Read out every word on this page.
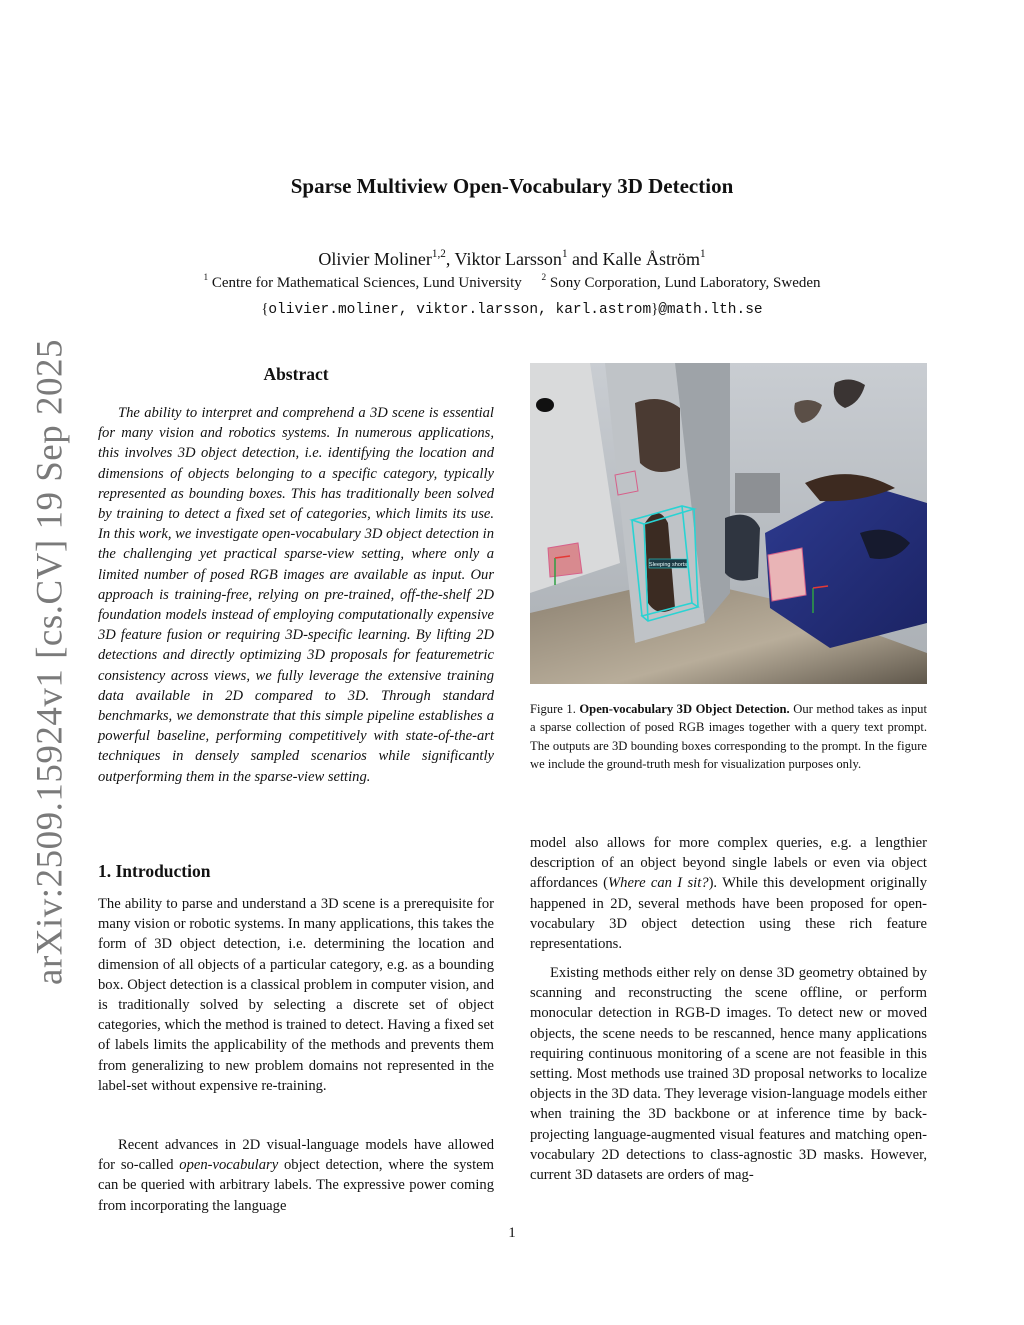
arXiv:2509.15924v1 [cs.CV] 19 Sep 2025
Sparse Multiview Open-Vocabulary 3D Detection
Olivier Moliner$^{1,2}$, Viktor Larsson$^1$ and Kalle Åström$^1$
$^1$ Centre for Mathematical Sciences, Lund University $^2$ Sony Corporation, Lund Laboratory, Sweden
{olivier.moliner, viktor.larsson, karl.astrom}@math.lth.se
Abstract

The ability to interpret and comprehend a 3D scene is essential for many vision and robotics systems. In numerous applications, this involves 3D object detection, i.e. identifying the location and dimensions of objects belonging to a specific category, typically represented as bounding boxes. This has traditionally been solved by training to detect a fixed set of categories, which limits its use. In this work, we investigate open-vocabulary 3D object detection in the challenging yet practical sparse-view setting, where only a limited number of posed RGB images are available as input. Our approach is training-free, relying on pre-trained, off-the-shelf 2D foundation models instead of employing computationally expensive 3D feature fusion or requiring 3D-specific learning. By lifting 2D detections and directly optimizing 3D proposals for featuremetric consistency across views, we fully leverage the extensive training data available in 2D compared to 3D. Through standard benchmarks, we demonstrate that this simple pipeline establishes a powerful baseline, performing competitively with state-of-the-art techniques in densely sampled scenarios while significantly outperforming them in the sparse-view setting.

1. Introduction

The ability to parse and understand a 3D scene is a prerequisite for many vision or robotic systems. In many applications, this takes the form of 3D object detection, i.e. determining the location and dimension of all objects of a particular category, e.g. as a bounding box. Object detection is a classical problem in computer vision, and is traditionally solved by selecting a discrete set of object categories, which the method is trained to detect. Having a fixed set of labels limits the applicability of the methods and prevents them from generalizing to new problem domains not represented in the label-set without expensive re-training.

Recent advances in 2D visual-language models have allowed for so-called open-vocabulary object detection, where the system can be queried with arbitrary labels. The expressive power coming from incorporating the language

Sleeping shorts

Figure 1. Open-vocabulary 3D Object Detection. Our method takes as input a sparse collection of posed RGB images together with a query text prompt. The outputs are 3D bounding boxes corresponding to the prompt. In the figure we include the ground-truth mesh for visualization purposes only.

model also allows for more complex queries, e.g. a lengthier description of an object beyond single labels or even via object affordances (Where can I sit?). While this development originally happened in 2D, several methods have been proposed for open-vocabulary 3D object detection using these rich feature representations.

Existing methods either rely on dense 3D geometry obtained by scanning and reconstructing the scene offline, or perform monocular detection in RGB-D images. To detect new or moved objects, the scene needs to be rescanned, hence many applications requiring continuous monitoring of a scene are not feasible in this setting. Most methods use trained 3D proposal networks to localize objects in the 3D data. They leverage vision-language models either when training the 3D backbone or at inference time by back-projecting language-augmented visual features and matching open-vocabulary 2D detections to class-agnostic 3D masks. However, current 3D datasets are orders of mag-

1
